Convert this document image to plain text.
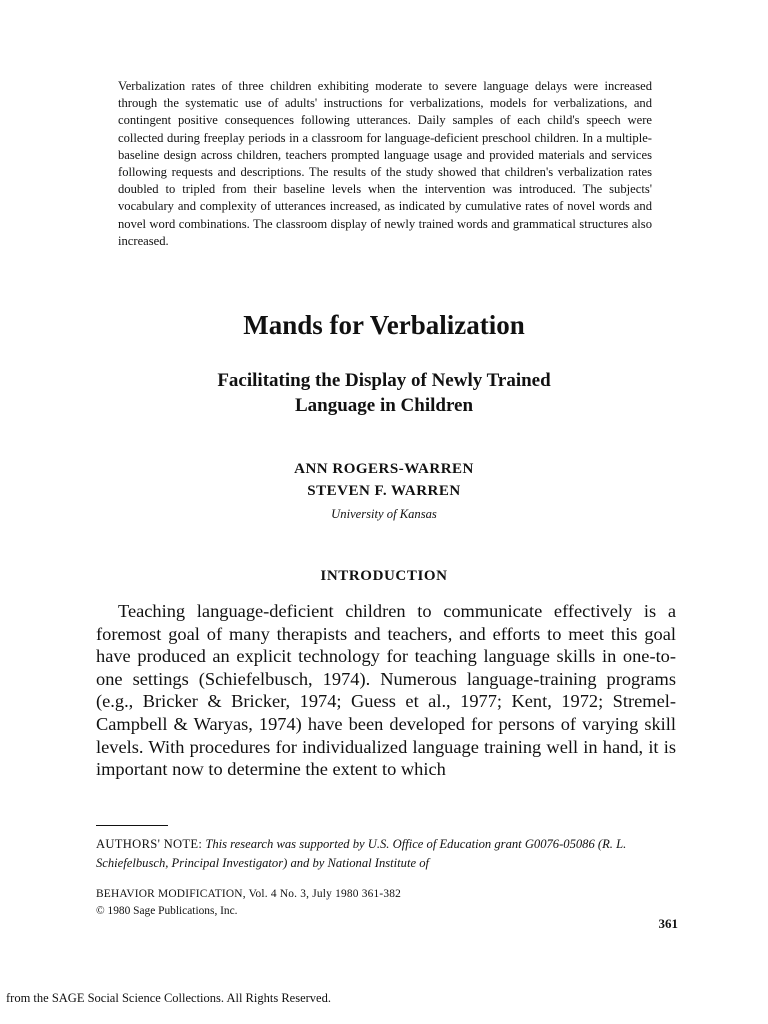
Verbalization rates of three children exhibiting moderate to severe language delays were increased through the systematic use of adults' instructions for verbalizations, models for verbalizations, and contingent positive consequences following utterances. Daily samples of each child's speech were collected during freeplay periods in a classroom for language-deficient preschool children. In a multiple-baseline design across children, teachers prompted language usage and provided materials and services following requests and descriptions. The results of the study showed that children's verbalization rates doubled to tripled from their baseline levels when the intervention was introduced. The subjects' vocabulary and complexity of utterances increased, as indicated by cumulative rates of novel words and novel word combinations. The classroom display of newly trained words and grammatical structures also increased.

Mands for Verbalization
Facilitating the Display of Newly Trained
Language in Children

ANN ROGERS-WARREN

STEVEN F. WARREN

University of Kansas

INTRODUCTION

Teaching language-deficient children to communicate effectively is a foremost goal of many therapists and teachers, and efforts to meet this goal have produced an explicit technology for teaching language skills in one-to-one settings (Schiefelbusch, 1974). Numerous language-training programs (e.g., Bricker & Bricker, 1974; Guess et al., 1977; Kent, 1972; Stremel-Campbell & Waryas, 1974) have been developed for persons of varying skill levels. With procedures for individualized language training well in hand, it is important now to determine the extent to which

AUTHORS' NOTE: This research was supported by U.S. Office of Education grant G0076-05086 (R. L. Schiefelbusch, Principal Investigator) and by National Institute of

BEHAVIOR MODIFICATION, Vol. 4 No. 3, July 1980 361-382

© 1980 Sage Publications, Inc.

361

from the SAGE Social Science Collections. All Rights Reserved.
